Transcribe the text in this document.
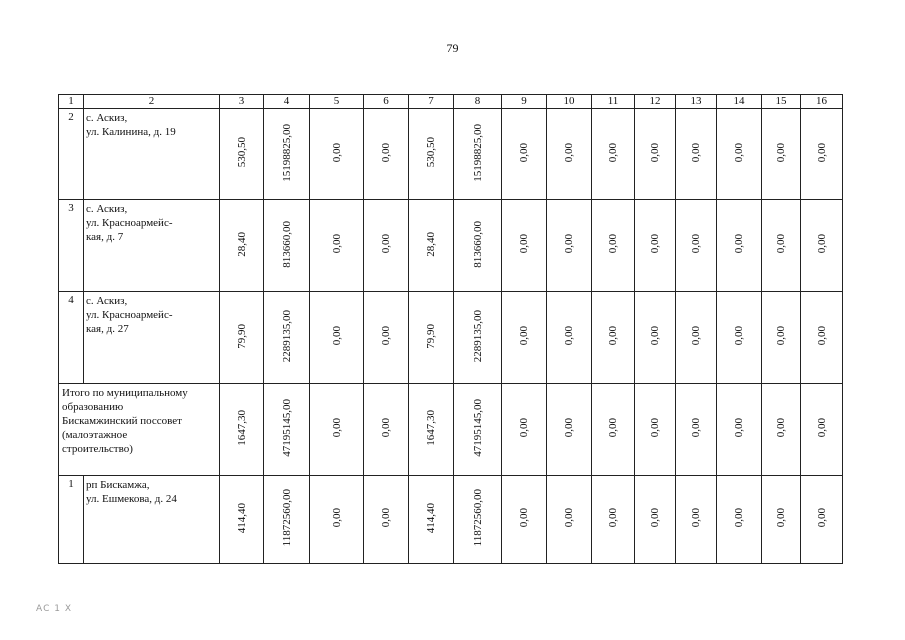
79
1	2	3	4	5	6	7	8	9	10	11	12	13	14	15	16
2	с. Аскиз,
ул. Калинина, д. 19	530,50	15198825,00	0,00	0,00	530,50	15198825,00	0,00	0,00	0,00	0,00	0,00	0,00	0,00	0,00
3	с. Аскиз,
ул. Красноармейс-
кая, д. 7	28,40	813660,00	0,00	0,00	28,40	813660,00	0,00	0,00	0,00	0,00	0,00	0,00	0,00	0,00
4	с. Аскиз,
ул. Красноармейс-
кая, д. 27	79,90	2289135,00	0,00	0,00	79,90	2289135,00	0,00	0,00	0,00	0,00	0,00	0,00	0,00	0,00
Итого по муниципальному
образованию
Бискамжинский поссовет
(малоэтажное
строительство)		1647,30	47195145,00	0,00	0,00	1647,30	47195145,00	0,00	0,00	0,00	0,00	0,00	0,00	0,00	0,00
1	рп Бискамжа,
ул. Ешмекова, д. 24	414,40	11872560,00	0,00	0,00	414,40	11872560,00	0,00	0,00	0,00	0,00	0,00	0,00	0,00	0,00
АС 1 Х
